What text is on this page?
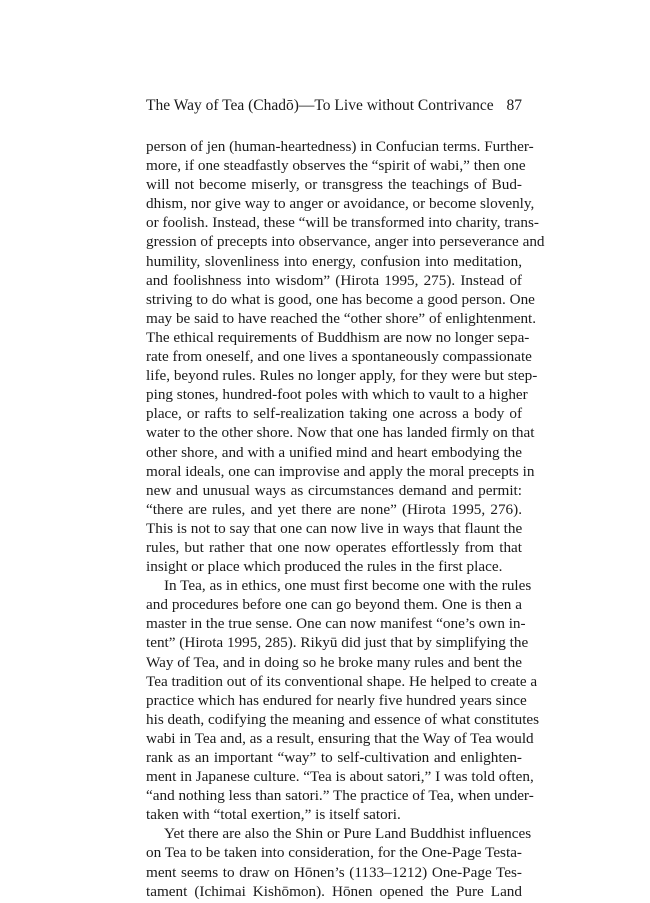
The Way of Tea (Chadō)—To Live without Contrivance 87
person of jen (human-heartedness) in Confucian terms. Further-
more, if one steadfastly observes the “spirit of wabi,” then one
will not become miserly, or transgress the teachings of Bud-
dhism, nor give way to anger or avoidance, or become slovenly,
or foolish. Instead, these “will be transformed into charity, trans-
gression of precepts into observance, anger into perseverance and
humility, slovenliness into energy, confusion into meditation,
and foolishness into wisdom” (Hirota 1995, 275). Instead of
striving to do what is good, one has become a good person. One
may be said to have reached the “other shore” of enlightenment.
The ethical requirements of Buddhism are now no longer sepa-
rate from oneself, and one lives a spontaneously compassionate
life, beyond rules. Rules no longer apply, for they were but step-
ping stones, hundred-foot poles with which to vault to a higher
place, or rafts to self-realization taking one across a body of
water to the other shore. Now that one has landed firmly on that
other shore, and with a unified mind and heart embodying the
moral ideals, one can improvise and apply the moral precepts in
new and unusual ways as circumstances demand and permit:
“there are rules, and yet there are none” (Hirota 1995, 276).
This is not to say that one can now live in ways that flaunt the
rules, but rather that one now operates effortlessly from that
insight or place which produced the rules in the first place.
In Tea, as in ethics, one must first become one with the rules
and procedures before one can go beyond them. One is then a
master in the true sense. One can now manifest “one’s own in-
tent” (Hirota 1995, 285). Rikyū did just that by simplifying the
Way of Tea, and in doing so he broke many rules and bent the
Tea tradition out of its conventional shape. He helped to create a
practice which has endured for nearly five hundred years since
his death, codifying the meaning and essence of what constitutes
wabi in Tea and, as a result, ensuring that the Way of Tea would
rank as an important “way” to self-cultivation and enlighten-
ment in Japanese culture. “Tea is about satori,” I was told often,
“and nothing less than satori.” The practice of Tea, when under-
taken with “total exertion,” is itself satori.
Yet there are also the Shin or Pure Land Buddhist influences
on Tea to be taken into consideration, for the One-Page Testa-
ment seems to draw on Hōnen’s (1133–1212) One-Page Tes-
tament (Ichimai Kishōmon). Hōnen opened the Pure Land
